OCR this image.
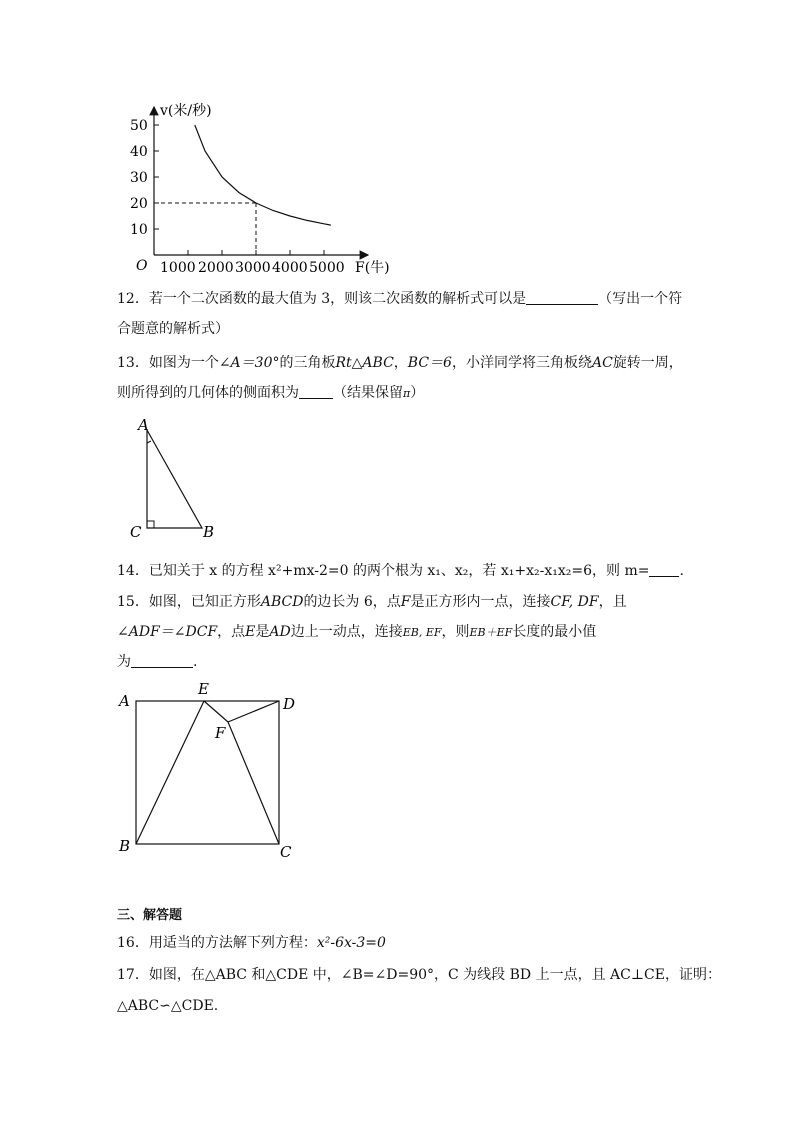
v(米/秒)
F(牛)
O
50
40
30
20
10
1000 2000 3000 4000 5000
12．若一个二次函数的最大值为 3，则该二次函数的解析式可以是	（写出一个符
合题意的解析式）
13．如图为一个∠A＝30°的三角板Rt△ABC，BC＝6，小洋同学将三角板绕AC旋转一周，
则所得到的几何体的侧面积为 （结果保留π）
A
C	B
14．已知关于 x 的方程 x²+mx-2=0 的两个根为 x₁、x₂，若 x₁+x₂-x₁x₂=6，则 m= .
15．如图，已知正方形ABCD的边长为 6，点F是正方形内一点，连接CF, DF，且
∠ADF＝∠DCF，点E是AD边上一动点，连接EB, EF，则EB＋EF长度的最小值
为	.
A
E
D
F
B	C
三、解答题
16．用适当的方法解下列方程：x²-6x-3=0
17．如图，在△ABC 和△CDE 中，∠B=∠D=90°，C 为线段 BD 上一点，且 AC⊥CE，证明：
△ABC∽△CDE.
